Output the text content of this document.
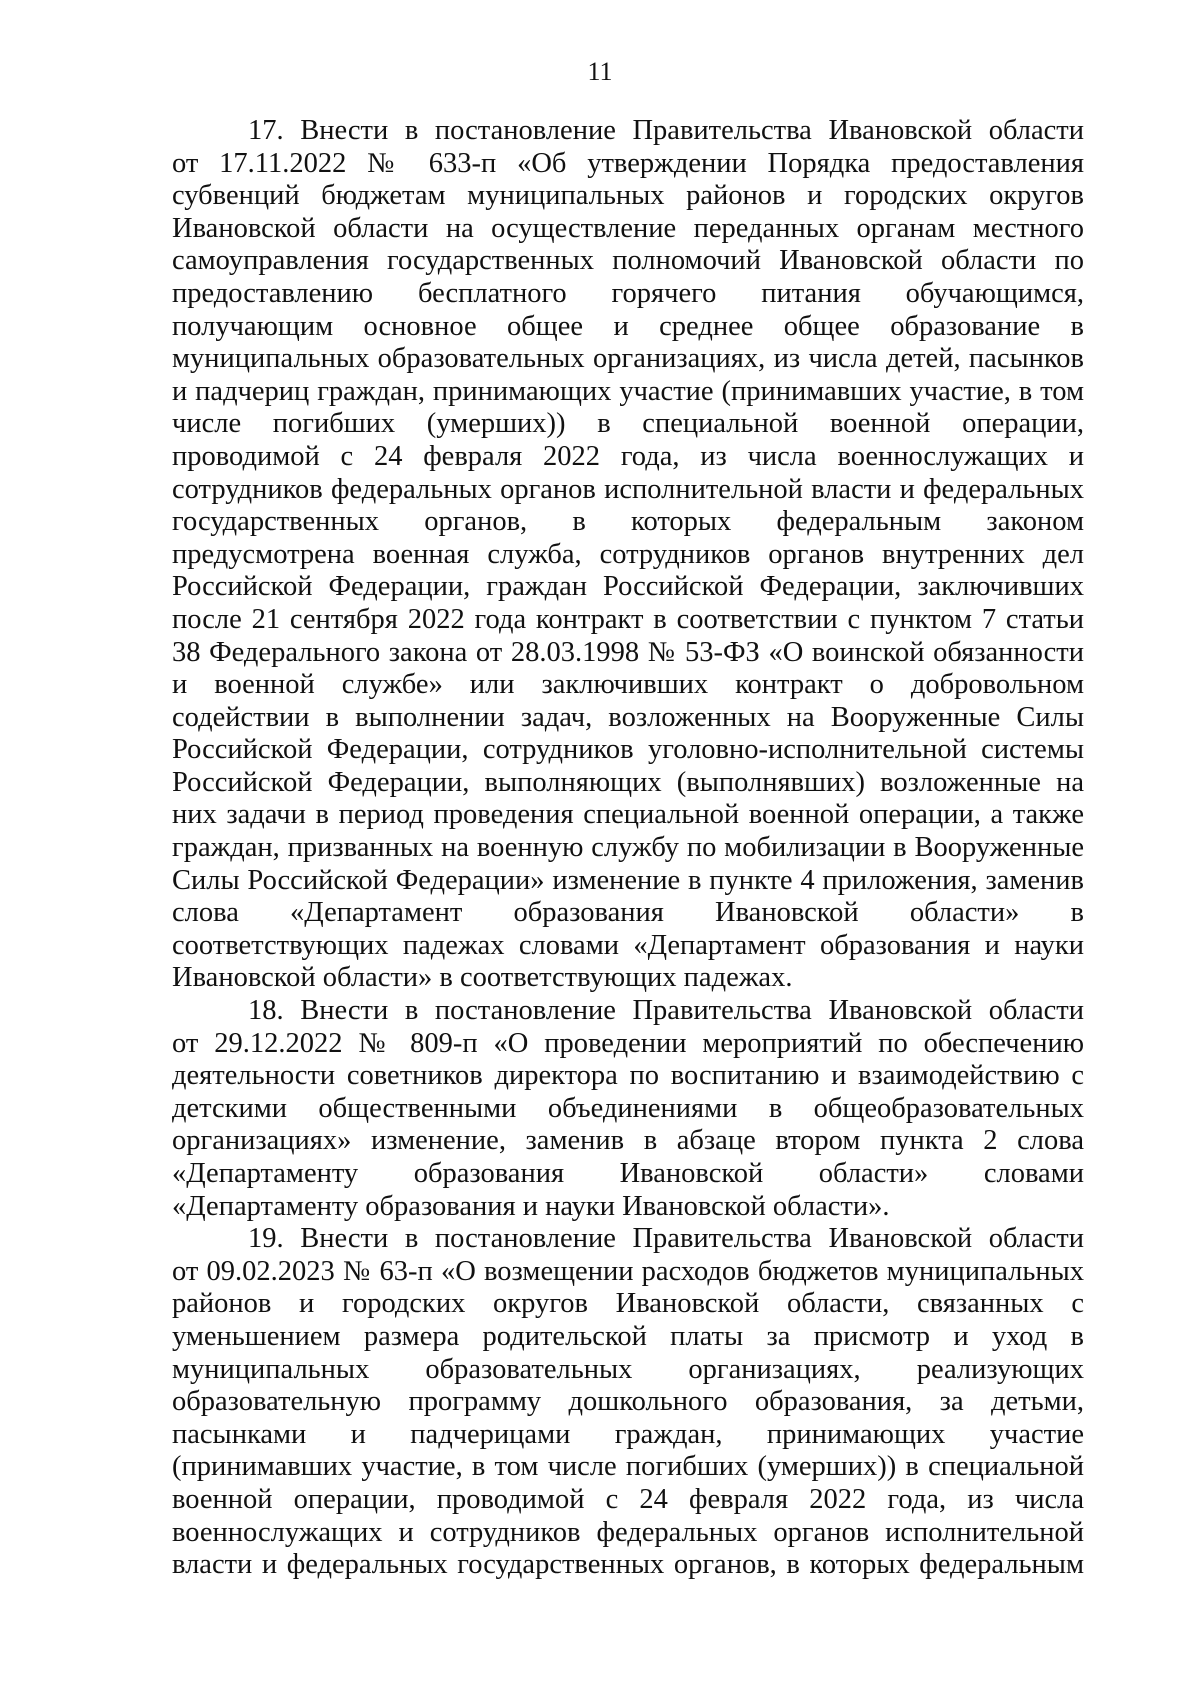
11
17. Внести в постановление Правительства Ивановской области
от 17.11.2022 № 633-п «Об утверждении Порядка предоставления
субвенций бюджетам муниципальных районов и городских округов
Ивановской области на осуществление переданных органам местного
самоуправления государственных полномочий Ивановской области по
предоставлению бесплатного горячего питания обучающимся,
получающим основное общее и среднее общее образование в
муниципальных образовательных организациях, из числа детей, пасынков
и падчериц граждан, принимающих участие (принимавших участие, в том
числе погибших (умерших)) в специальной военной операции,
проводимой с 24 февраля 2022 года, из числа военнослужащих и
сотрудников федеральных органов исполнительной власти и федеральных
государственных органов, в которых федеральным законом
предусмотрена военная служба, сотрудников органов внутренних дел
Российской Федерации, граждан Российской Федерации, заключивших
после 21 сентября 2022 года контракт в соответствии с пунктом 7 статьи
38 Федерального закона от 28.03.1998 № 53-ФЗ «О воинской обязанности
и военной службе» или заключивших контракт о добровольном
содействии в выполнении задач, возложенных на Вооруженные Силы
Российской Федерации, сотрудников уголовно-исполнительной системы
Российской Федерации, выполняющих (выполнявших) возложенные на
них задачи в период проведения специальной военной операции, а также
граждан, призванных на военную службу по мобилизации в Вооруженные
Силы Российской Федерации» изменение в пункте 4 приложения, заменив
слова «Департамент образования Ивановской области» в
соответствующих падежах словами «Департамент образования и науки
Ивановской области» в соответствующих падежах.
18. Внести в постановление Правительства Ивановской области
от 29.12.2022 № 809-п «О проведении мероприятий по обеспечению
деятельности советников директора по воспитанию и взаимодействию с
детскими общественными объединениями в общеобразовательных
организациях» изменение, заменив в абзаце втором пункта 2 слова
«Департаменту образования Ивановской области» словами
«Департаменту образования и науки Ивановской области».
19. Внести в постановление Правительства Ивановской области
от 09.02.2023 № 63-п «О возмещении расходов бюджетов муниципальных
районов и городских округов Ивановской области, связанных с
уменьшением размера родительской платы за присмотр и уход в
муниципальных образовательных организациях, реализующих
образовательную программу дошкольного образования, за детьми,
пасынками и падчерицами граждан, принимающих участие
(принимавших участие, в том числе погибших (умерших)) в специальной
военной операции, проводимой с 24 февраля 2022 года, из числа
военнослужащих и сотрудников федеральных органов исполнительной
власти и федеральных государственных органов, в которых федеральным
